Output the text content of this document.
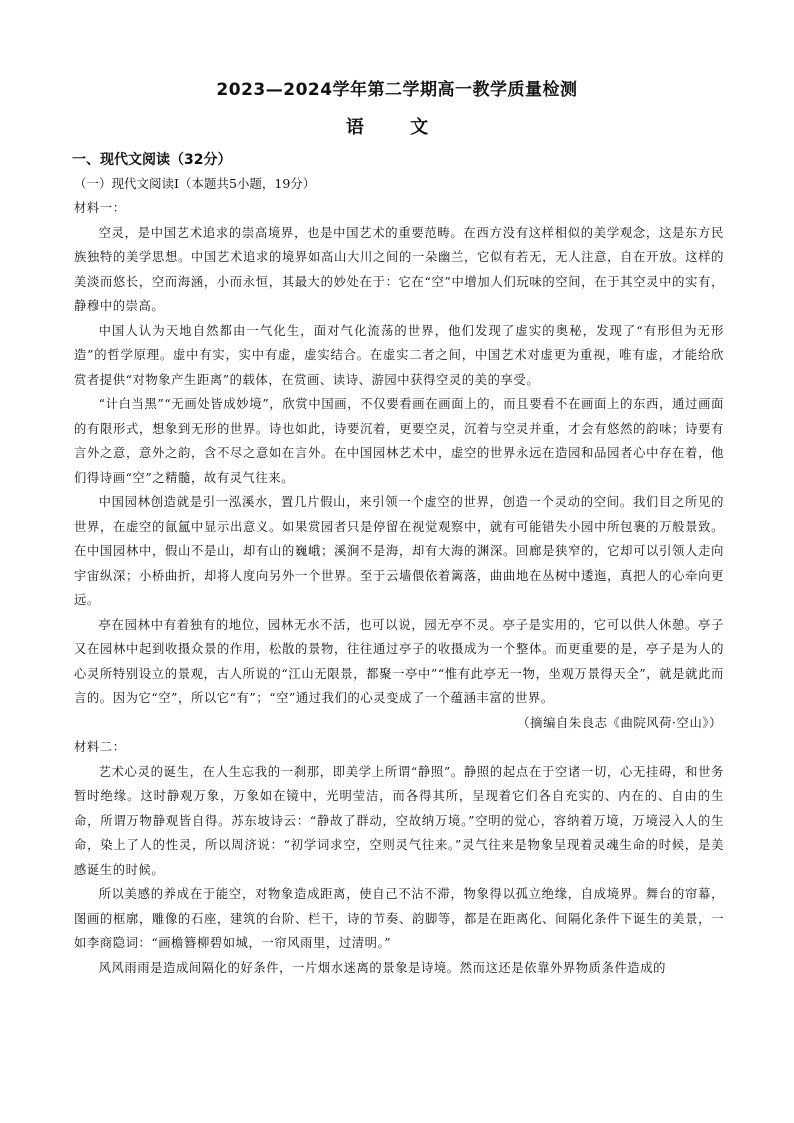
2023—2024学年第二学期高一教学质量检测
语 文
一、现代文阅读（32分）
（一）现代文阅读Ⅰ（本题共5小题，19分）

材料一：

空灵，是中国艺术追求的崇高境界，也是中国艺术的重要范畴。在西方没有这样相似的美学观念，这是东方民族独特的美学思想。中国艺术追求的境界如高山大川之间的一朵幽兰，它似有若无，无人注意，自在开放。这样的美淡而悠长，空而海涵，小而永恒，其最大的妙处在于：它在“空”中增加人们玩味的空间，在于其空灵中的实有，静穆中的崇高。

中国人认为天地自然都由一气化生，面对气化流荡的世界，他们发现了虚实的奥秘，发现了“有形但为无形造”的哲学原理。虚中有实，实中有虚，虚实结合。在虚实二者之间，中国艺术对虚更为重视，唯有虚，才能给欣赏者提供“对物象产生距离”的载体，在赏画、读诗、游园中获得空灵的美的享受。

“计白当黑”“无画处皆成妙境”，欣赏中国画，不仅要看画在画面上的，而且要看不在画面上的东西，通过画面的有限形式，想象到无形的世界。诗也如此，诗要沉着，更要空灵，沉着与空灵并重，才会有悠然的韵味；诗要有言外之意，意外之韵，含不尽之意如在言外。在中国园林艺术中，虚空的世界永远在造园和品园者心中存在着，他们得诗画“空”之精髓，故有灵气往来。

中国园林创造就是引一泓溪水，置几片假山，来引领一个虚空的世界，创造一个灵动的空间。我们目之所见的世界，在虚空的氤氲中显示出意义。如果赏园者只是停留在视觉观察中，就有可能错失小园中所包裹的万般景致。在中国园林中，假山不是山，却有山的巍峨；溪涧不是海，却有大海的渊深。回廊是狭窄的，它却可以引领人走向宇宙纵深；小桥曲折，却将人度向另外一个世界。至于云墙偎依着篱落，曲曲地在丛树中逶迤，真把人的心牵向更远。

亭在园林中有着独有的地位，园林无水不活，也可以说，园无亭不灵。亭子是实用的，它可以供人休憩。亭子又在园林中起到收摄众景的作用，松散的景物，往往通过亭子的收摄成为一个整体。而更重要的是，亭子是为人的心灵所特别设立的景观，古人所说的“江山无限景，都聚一亭中”“惟有此亭无一物，坐观万景得天全”，就是就此而言的。因为它“空”，所以它“有”；“空”通过我们的心灵变成了一个蕴涵丰富的世界。

（摘编自朱良志《曲院风荷·空山》）

材料二：

艺术心灵的诞生，在人生忘我的一刹那，即美学上所谓“静照”。静照的起点在于空诸一切，心无挂碍，和世务暂时绝缘。这时静观万象，万象如在镜中，光明莹洁，而各得其所，呈现着它们各自充实的、内在的、自由的生命，所谓万物静观皆自得。苏东坡诗云：“静故了群动，空故纳万境。”空明的觉心，容纳着万境，万境浸入人的生命，染上了人的性灵，所以周济说：“初学词求空，空则灵气往来。”灵气往来是物象呈现着灵魂生命的时候，是美感诞生的时候。

所以美感的养成在于能空，对物象造成距离，使自己不沾不滞，物象得以孤立绝缘，自成境界。舞台的帘幕，图画的框廓，雕像的石座，建筑的台阶、栏干，诗的节奏、韵脚等，都是在距离化、间隔化条件下诞生的美景，一如李商隐词：“画檐簪柳碧如城，一帘风雨里，过清明。”

风风雨雨是造成间隔化的好条件，一片烟水迷离的景象是诗境。然而这还是依靠外界物质条件造成的
